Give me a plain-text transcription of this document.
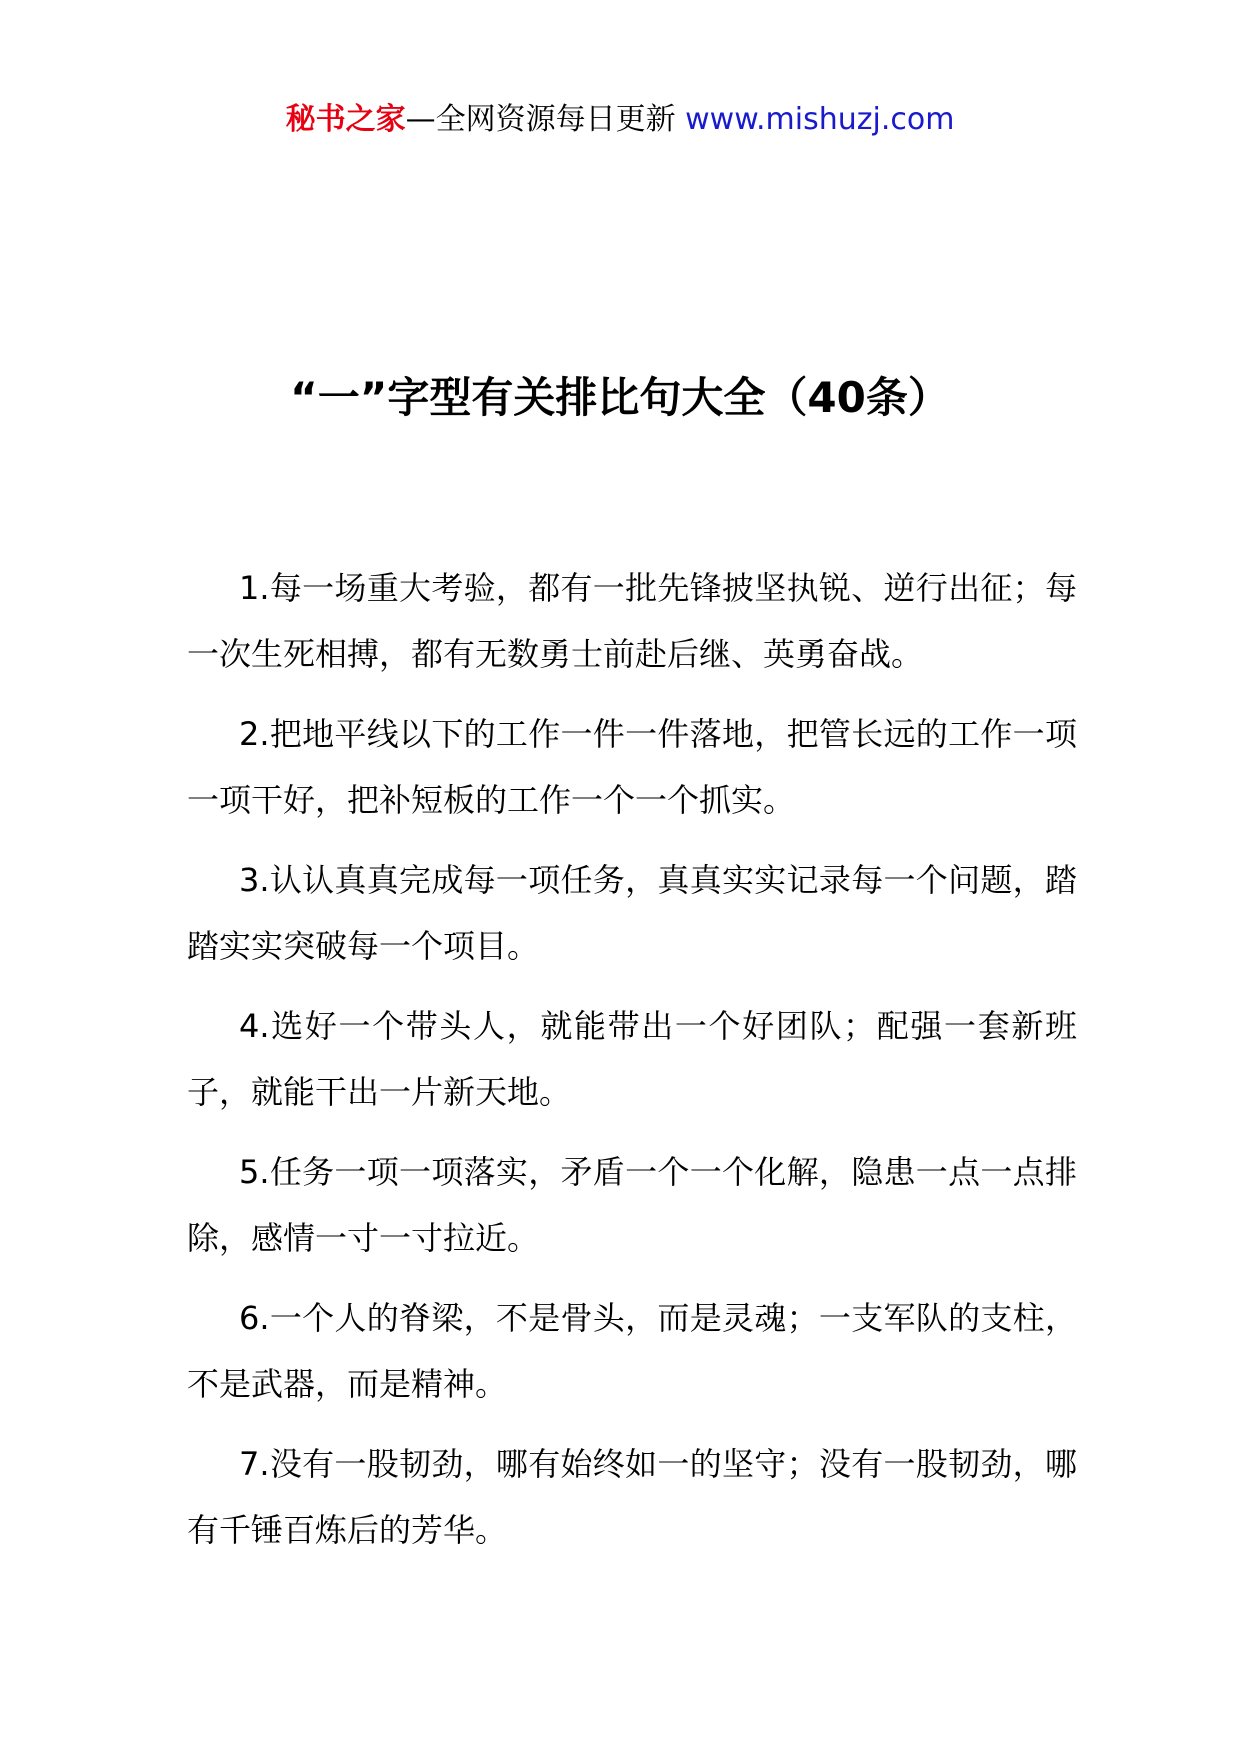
秘书之家—全网资源每日更新 www.mishuzj.com
“一”字型有关排比句大全（40条）

1.每一场重大考验，都有一批先锋披坚执锐、逆行出征；每一次生死相搏，都有无数勇士前赴后继、英勇奋战。

2.把地平线以下的工作一件一件落地，把管长远的工作一项一项干好，把补短板的工作一个一个抓实。

3.认认真真完成每一项任务，真真实实记录每一个问题，踏踏实实突破每一个项目。

4.选好一个带头人，就能带出一个好团队；配强一套新班子，就能干出一片新天地。

5.任务一项一项落实，矛盾一个一个化解，隐患一点一点排除，感情一寸一寸拉近。

6.一个人的脊梁，不是骨头，而是灵魂；一支军队的支柱，不是武器，而是精神。

7.没有一股韧劲，哪有始终如一的坚守；没有一股韧劲，哪有千锤百炼后的芳华。
